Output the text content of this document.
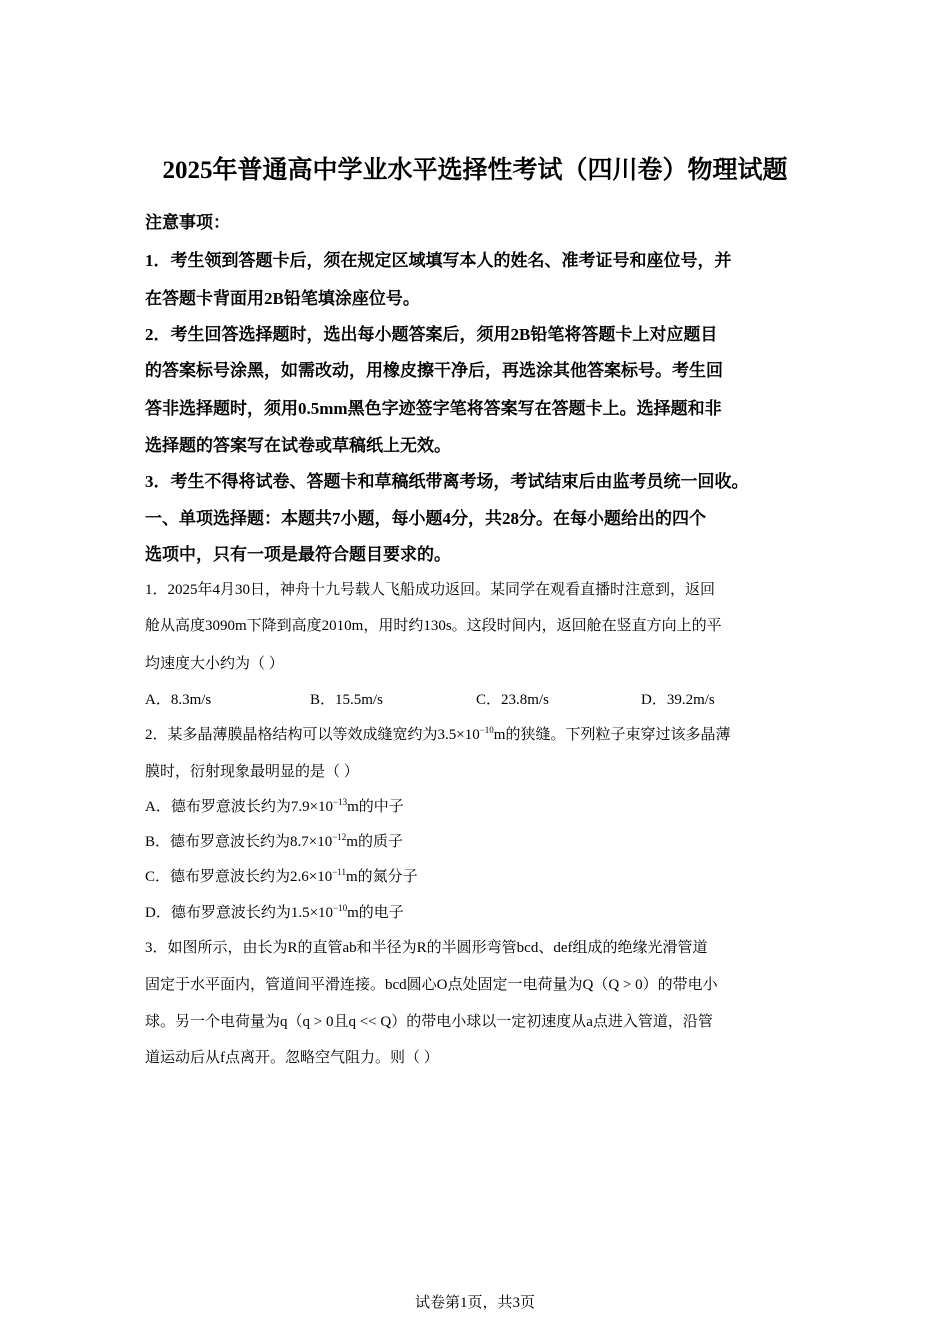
2025年普通高中学业水平选择性考试（四川卷）物理试题
注意事项：
1．考生领到答题卡后，须在规定区域填写本人的姓名、准考证号和座位号，并
在答题卡背面用2B铅笔填涂座位号。
2．考生回答选择题时，选出每小题答案后，须用2B铅笔将答题卡上对应题目
的答案标号涂黑，如需改动，用橡皮擦干净后，再选涂其他答案标号。考生回
答非选择题时，须用0.5mm黑色字迹签字笔将答案写在答题卡上。选择题和非
选择题的答案写在试卷或草稿纸上无效。
3．考生不得将试卷、答题卡和草稿纸带离考场，考试结束后由监考员统一回收。
一、单项选择题：本题共7小题，每小题4分，共28分。在每小题给出的四个
选项中，只有一项是最符合题目要求的。
1．2025年4月30日，神舟十九号载人飞船成功返回。某同学在观看直播时注意到，返回
舱从高度3090m下降到高度2010m，用时约130s。这段时间内，返回舱在竖直方向上的平
均速度大小约为（ ）
A．8.3m/s	B．15.5m/s	C．23.8m/s	D．39.2m/s
2．某多晶薄膜晶格结构可以等效成缝宽约为$3.5\times 10^{-10}m$的狭缝。下列粒子束穿过该多晶薄
膜时，衍射现象最明显的是（ ）
A．德布罗意波长约为$7.9\times 10^{-13}m$的中子
B．德布罗意波长约为$8.7\times 10^{-12}m$的质子
C．德布罗意波长约为$2.6\times 10^{-11}m$的氮分子
D．德布罗意波长约为$1.5\times 10^{-10}m$的电子
3．如图所示，由长为R的直管ab和半径为R的半圆形弯管bcd、def组成的绝缘光滑管道
固定于水平面内，管道间平滑连接。bcd圆心O点处固定一电荷量为Q（Q > 0）的带电小
球。另一个电荷量为q（q > 0且q << Q）的带电小球以一定初速度从a点进入管道，沿管
道运动后从f点离开。忽略空气阻力。则（ ）
试卷第1页，共3页
